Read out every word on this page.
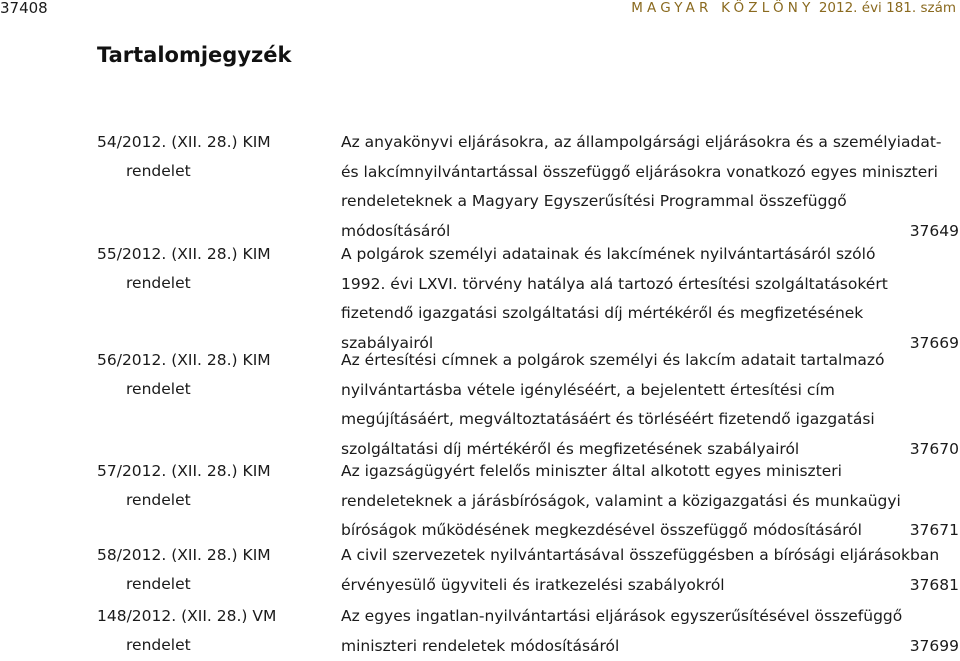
37408	MAGYAR KÖZLÖNY 2012. évi 181. szám
Tartalomjegyzék
54/2012. (XII. 28.) KIM
rendelet
Az anyakönyvi eljárásokra, az állampolgársági eljárásokra és a személyiadat-
és lakcímnyilvántartással összefüggő eljárásokra vonatkozó egyes miniszteri
rendeleteknek a Magyary Egyszerűsítési Programmal összefüggő
módosításáról	37649
55/2012. (XII. 28.) KIM
rendelet
A polgárok személyi adatainak és lakcímének nyilvántartásáról szóló
1992. évi LXVI. törvény hatálya alá tartozó értesítési szolgáltatásokért
fizetendő igazgatási szolgáltatási díj mértékéről és megfizetésének
szabályairól	37669
56/2012. (XII. 28.) KIM
rendelet
Az értesítési címnek a polgárok személyi és lakcím adatait tartalmazó
nyilvántartásba vétele igényléséért, a bejelentett értesítési cím
megújításáért, megváltoztatásáért és törléséért fizetendő igazgatási
szolgáltatási díj mértékéről és megfizetésének szabályairól	37670
57/2012. (XII. 28.) KIM
rendelet
Az igazságügyért felelős miniszter által alkotott egyes miniszteri
rendeleteknek a járásbíróságok, valamint a közigazgatási és munkaügyi
bíróságok működésének megkezdésével összefüggő módosításáról	37671
58/2012. (XII. 28.) KIM
rendelet
A civil szervezetek nyilvántartásával összefüggésben a bírósági eljárásokban
érvényesülő ügyviteli és iratkezelési szabályokról	37681
148/2012. (XII. 28.) VM
rendelet
Az egyes ingatlan-nyilvántartási eljárások egyszerűsítésével összefüggő
miniszteri rendeletek módosításáról	37699
